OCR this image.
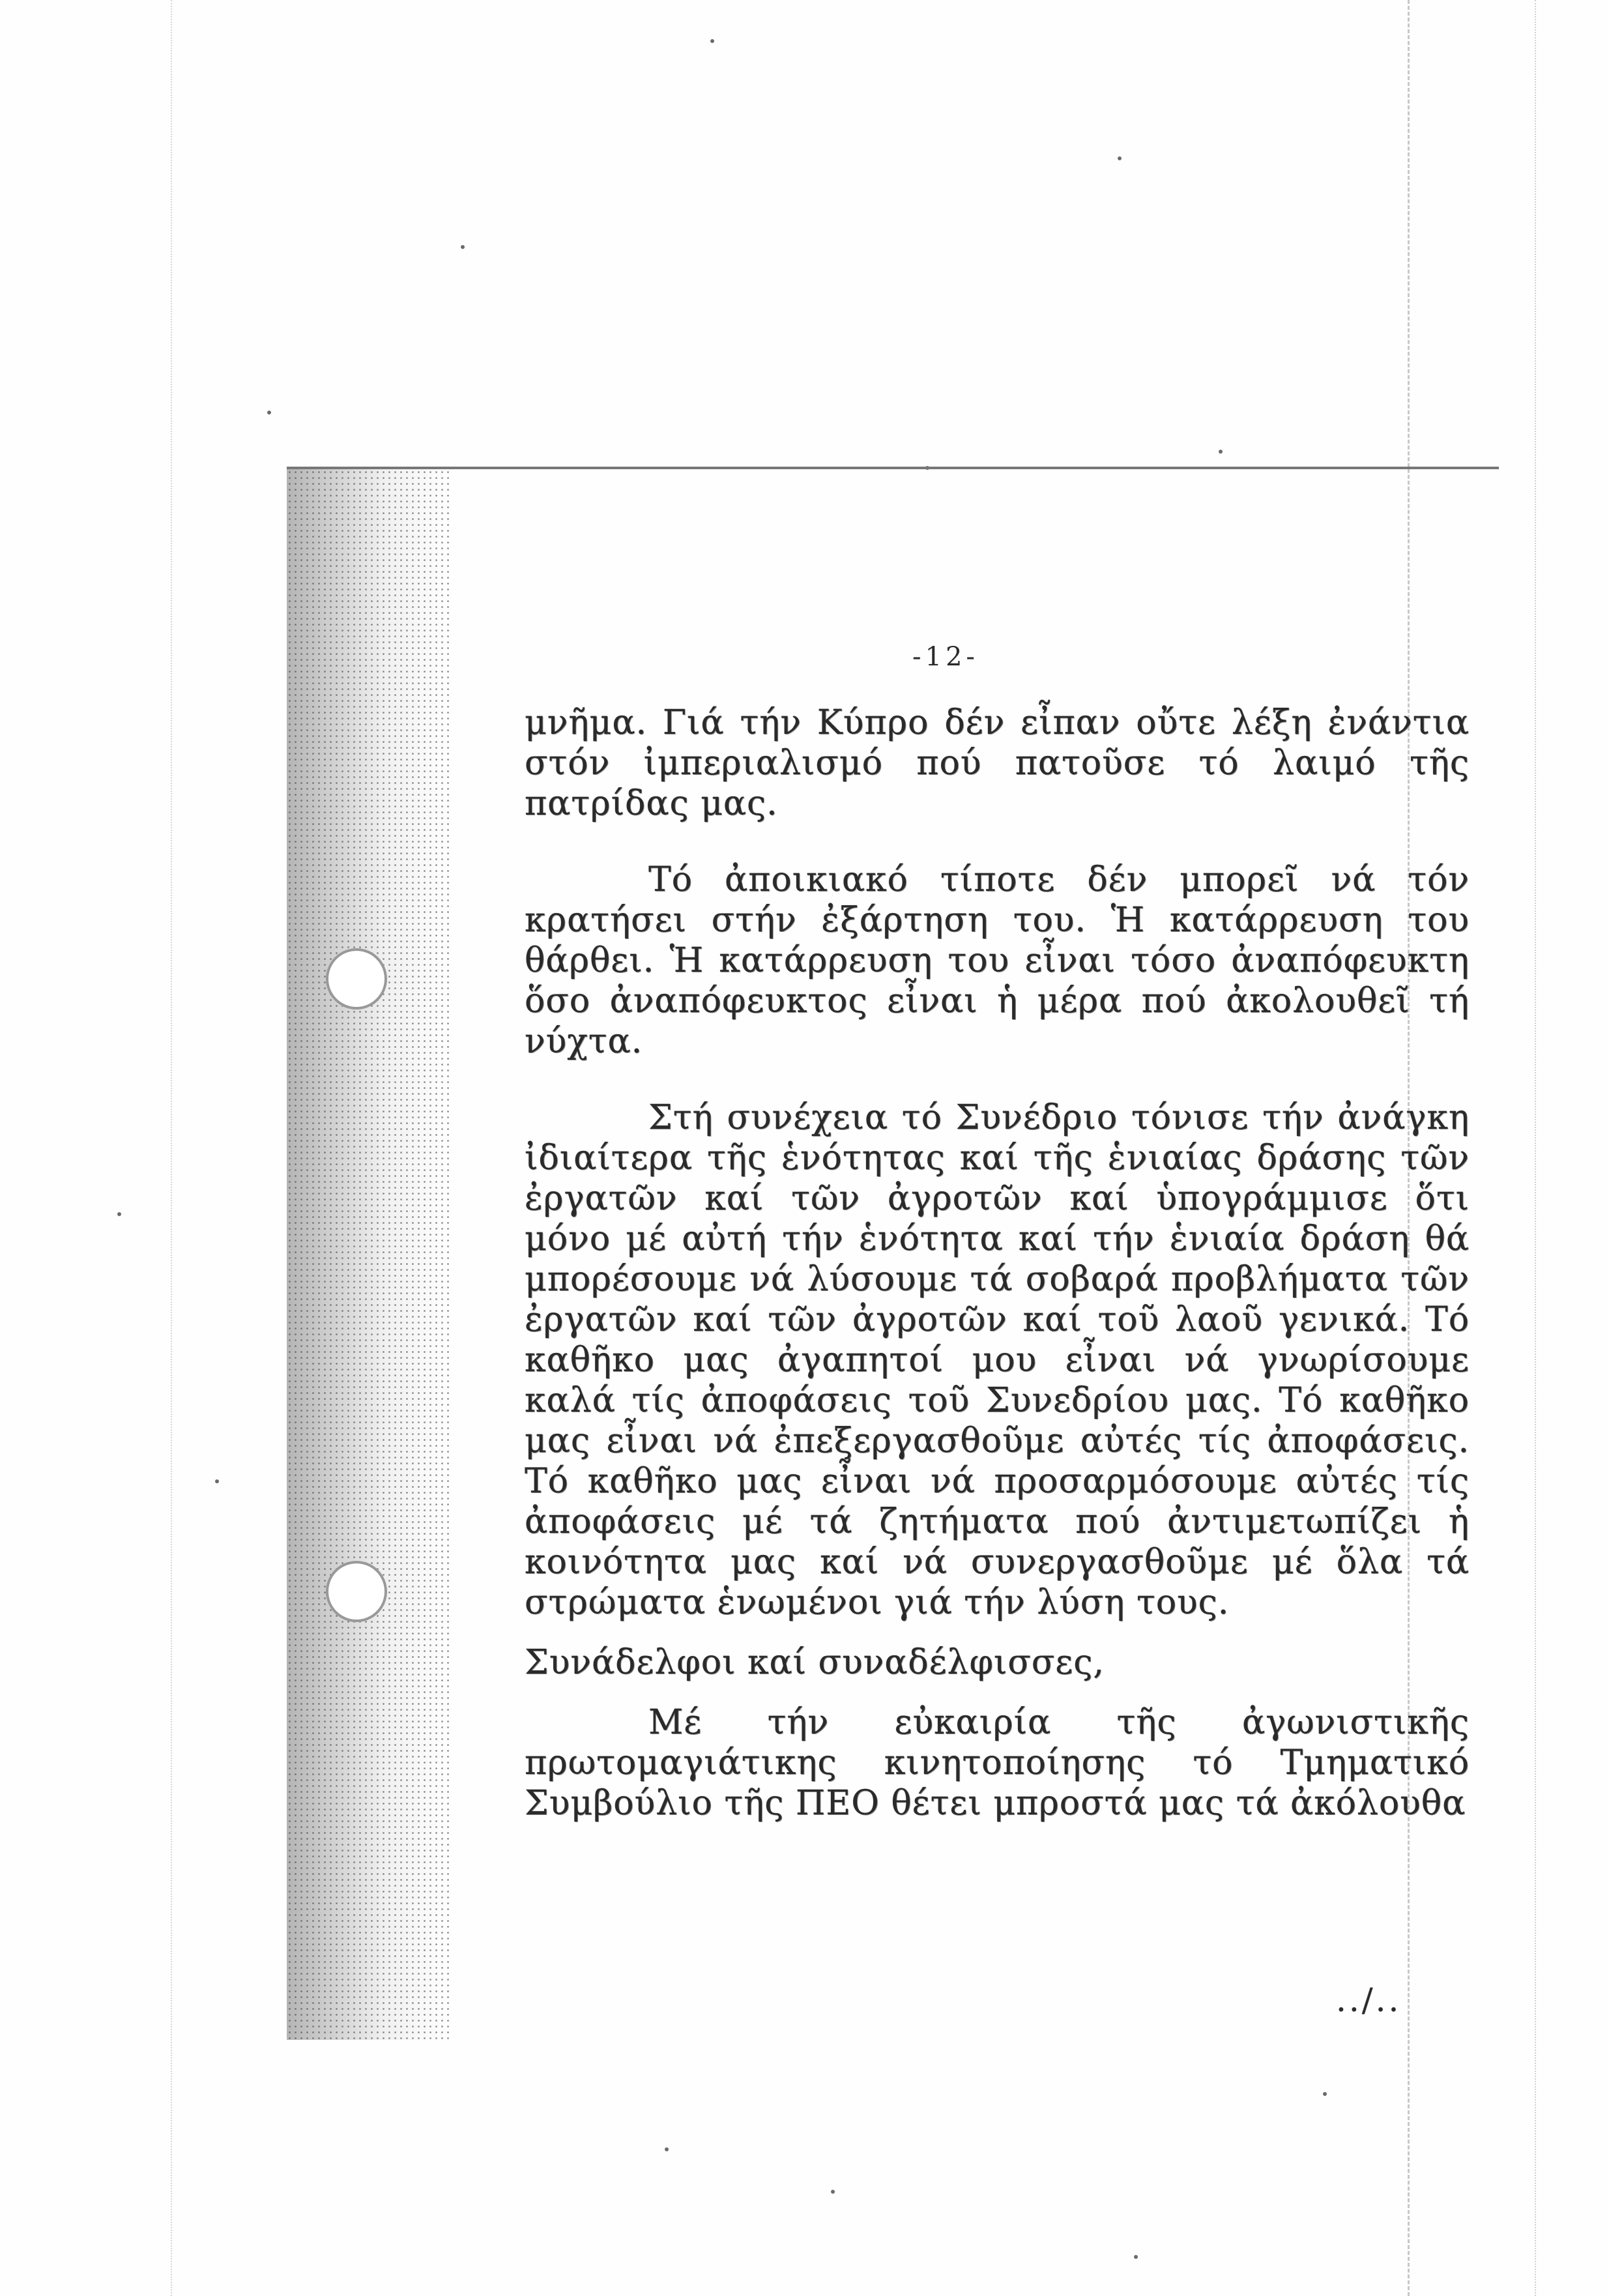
-12-

μνῆμα. Γιά τήν Κύπρο δέν εἶπαν οὔτε λέξη ἐνάντια στόν ἰμπεριαλισμό πού πατοῦσε τό λαιμό τῆς πατρίδας μας.

Τό ἀποικιακό τίποτε δέν μπορεῖ νά τόν κρατήσει στήν ἐξάρτηση του. Ἡ κατάρρευση του θάρθει. Ἡ κατάρρευση του εἶναι τόσο ἀναπόφευκτη ὅσο ἀναπόφευκτος εἶναι ἡ μέρα πού ἀκολουθεῖ τή νύχτα.

Στή συνέχεια τό Συνέδριο τόνισε τήν ἀνάγκη ἰδιαίτερα τῆς ἑνότητας καί τῆς ἑνιαίας δράσης τῶν ἐργατῶν καί τῶν ἀγροτῶν καί ὑπογράμμισε ὅτι μόνο μέ αὐτή τήν ἑνότητα καί τήν ἑνιαία δράση θά μπορέσουμε νά λύσουμε τά σοβαρά προβλήματα τῶν ἐργατῶν καί τῶν ἀγροτῶν καί τοῦ λαοῦ γενικά. Τό καθῆκο μας ἀγαπητοί μου εἶναι νά γνωρίσουμε καλά τίς ἀποφάσεις τοῦ Συνεδρίου μας. Τό καθῆκο μας εἶναι νά ἐπεξεργασθοῦμε αὐτές τίς ἀποφάσεις. Τό καθῆκο μας εἶναι νά προσαρμόσουμε αὐτές τίς ἀποφάσεις μέ τά ζητήματα πού ἀντιμετωπίζει ἡ κοινότητα μας καί νά συνεργασθοῦμε μέ ὅλα τά στρώματα ἑνωμένοι γιά τήν λύση τους.

Συνάδελφοι καί συναδέλφισσες,

Μέ τήν εὐκαιρία τῆς ἀγωνιστικῆς πρωτομαγιάτικης κινητοποίησης τό Τμηματικό Συμβούλιο τῆς ΠΕΟ θέτει μπροστά μας τά ἀκόλουθα

../..
